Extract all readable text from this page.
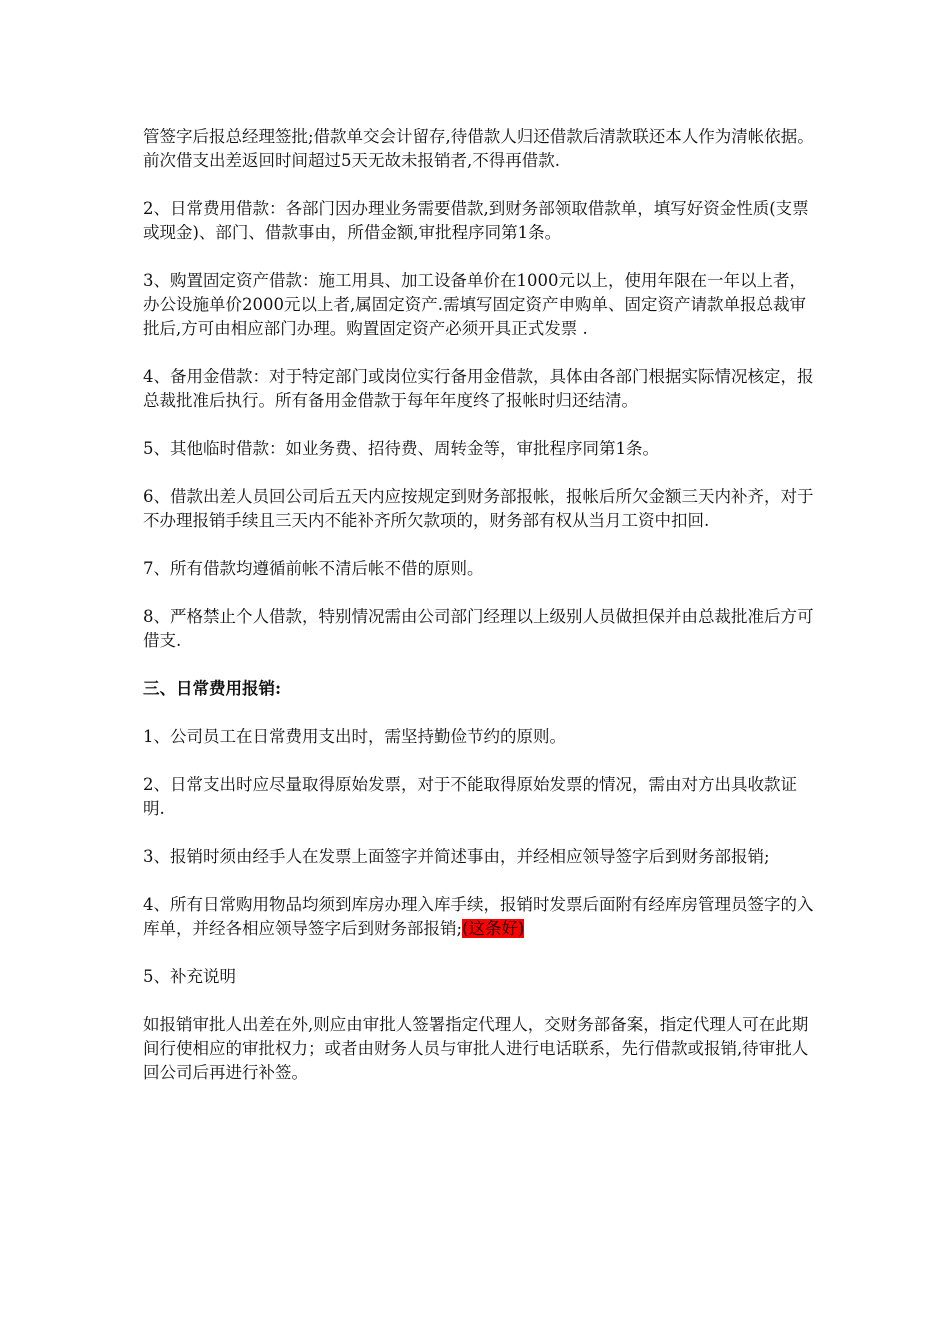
管签字后报总经理签批;借款单交会计留存,待借款人归还借款后清款联还本人作为清帐依据。前次借支出差返回时间超过5天无故未报销者,不得再借款.

2、日常费用借款：各部门因办理业务需要借款,到财务部领取借款单，填写好资金性质(支票或现金)、部门、借款事由，所借金额,审批程序同第1条。

3、购置固定资产借款：施工用具、加工设备单价在1000元以上，使用年限在一年以上者，办公设施单价2000元以上者,属固定资产.需填写固定资产申购单、固定资产请款单报总裁审批后,方可由相应部门办理。购置固定资产必须开具正式发票 .

4、备用金借款：对于特定部门或岗位实行备用金借款，具体由各部门根据实际情况核定，报总裁批准后执行。所有备用金借款于每年年度终了报帐时归还结清。

5、其他临时借款：如业务费、招待费、周转金等，审批程序同第1条。

6、借款出差人员回公司后五天内应按规定到财务部报帐，报帐后所欠金额三天内补齐，对于不办理报销手续且三天内不能补齐所欠款项的，财务部有权从当月工资中扣回.

7、所有借款均遵循前帐不清后帐不借的原则。

8、严格禁止个人借款，特别情况需由公司部门经理以上级别人员做担保并由总裁批准后方可借支.

三、日常费用报销:

1、公司员工在日常费用支出时，需坚持勤俭节约的原则。

2、日常支出时应尽量取得原始发票，对于不能取得原始发票的情况，需由对方出具收款证明.

3、报销时须由经手人在发票上面签字并简述事由，并经相应领导签字后到财务部报销;

4、所有日常购用物品均须到库房办理入库手续，报销时发票后面附有经库房管理员签字的入库单，并经各相应领导签字后到财务部报销;(这条好)

5、补充说明

如报销审批人出差在外,则应由审批人签署指定代理人，交财务部备案，指定代理人可在此期间行使相应的审批权力；或者由财务人员与审批人进行电话联系，先行借款或报销,待审批人回公司后再进行补签。
